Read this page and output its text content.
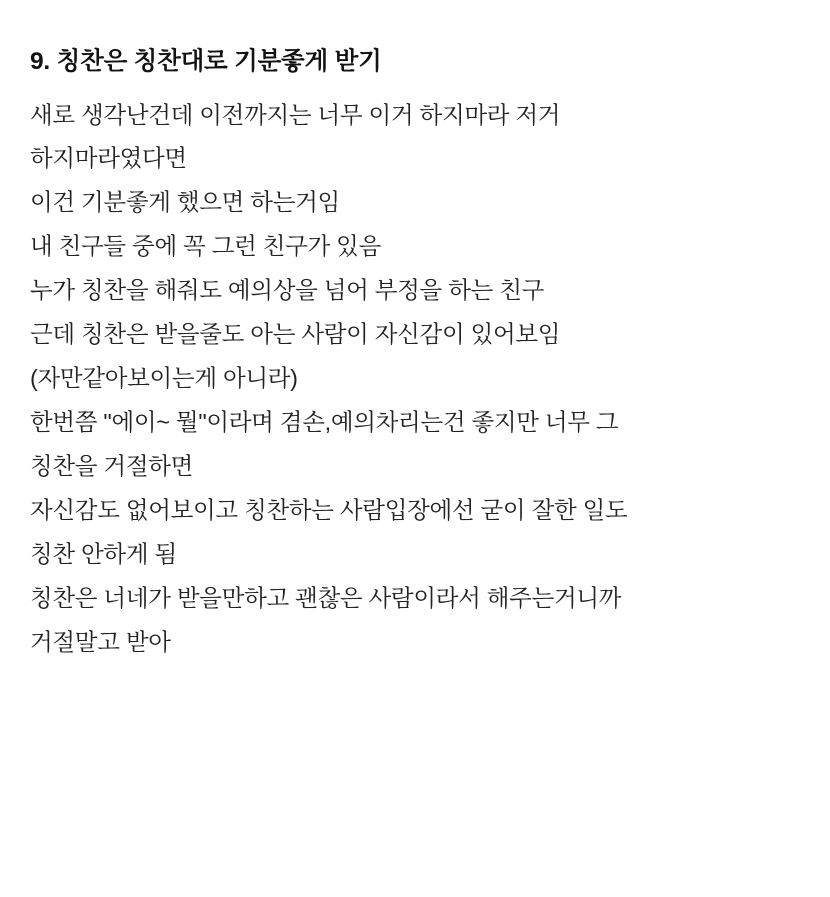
9. 칭찬은 칭찬대로 기분좋게 받기
새로 생각난건데 이전까지는 너무 이거 하지마라 저거
하지마라였다면
이건 기분좋게 했으면 하는거임
내 친구들 중에 꼭 그런 친구가 있음
누가 칭찬을 해줘도 예의상을 넘어 부정을 하는 친구
근데 칭찬은 받을줄도 아는 사람이 자신감이 있어보임
(자만같아보이는게 아니라)
한번쯤 "에이~ 뭘"이라며 겸손,예의차리는건 좋지만 너무 그
칭찬을 거절하면
자신감도 없어보이고 칭찬하는 사람입장에선 굳이 잘한 일도
칭찬 안하게 됨
칭찬은 너네가 받을만하고 괜찮은 사람이라서 해주는거니까
거절말고 받아
